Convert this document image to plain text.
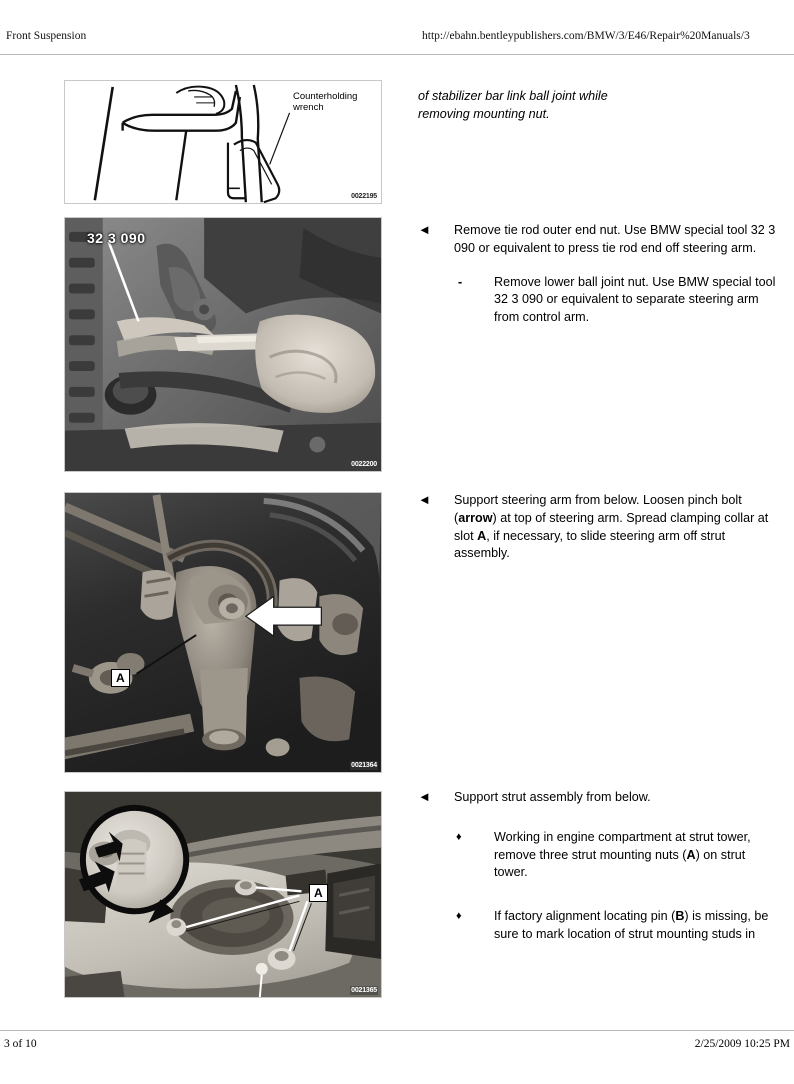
Front Suspension	http://ebahn.bentleypublishers.com/BMW/3/E46/Repair%20Manuals/3
Counterholding
wrench
0022195
32 3 090
0022200
A
0021364
A
0021365
of stabilizer bar link ball joint while
removing mounting nut.
◄ Remove tie rod outer end nut. Use BMW special tool 32 3 090 or equivalent to press tie rod end off steering arm.
-	Remove lower ball joint nut. Use BMW special tool 32 3 090 or equivalent to separate steering arm from control arm.
◄ Support steering arm from below. Loosen pinch bolt (arrow) at top of steering arm. Spread clamping collar at slot A, if necessary, to slide steering arm off strut assembly.
◄ Support strut assembly from below.
♦	Working in engine compartment at strut tower, remove three strut mounting nuts (A) on strut tower.
♦	If factory alignment locating pin (B) is missing, be sure to mark location of strut mounting studs in
3 of 10	2/25/2009 10:25 PM
